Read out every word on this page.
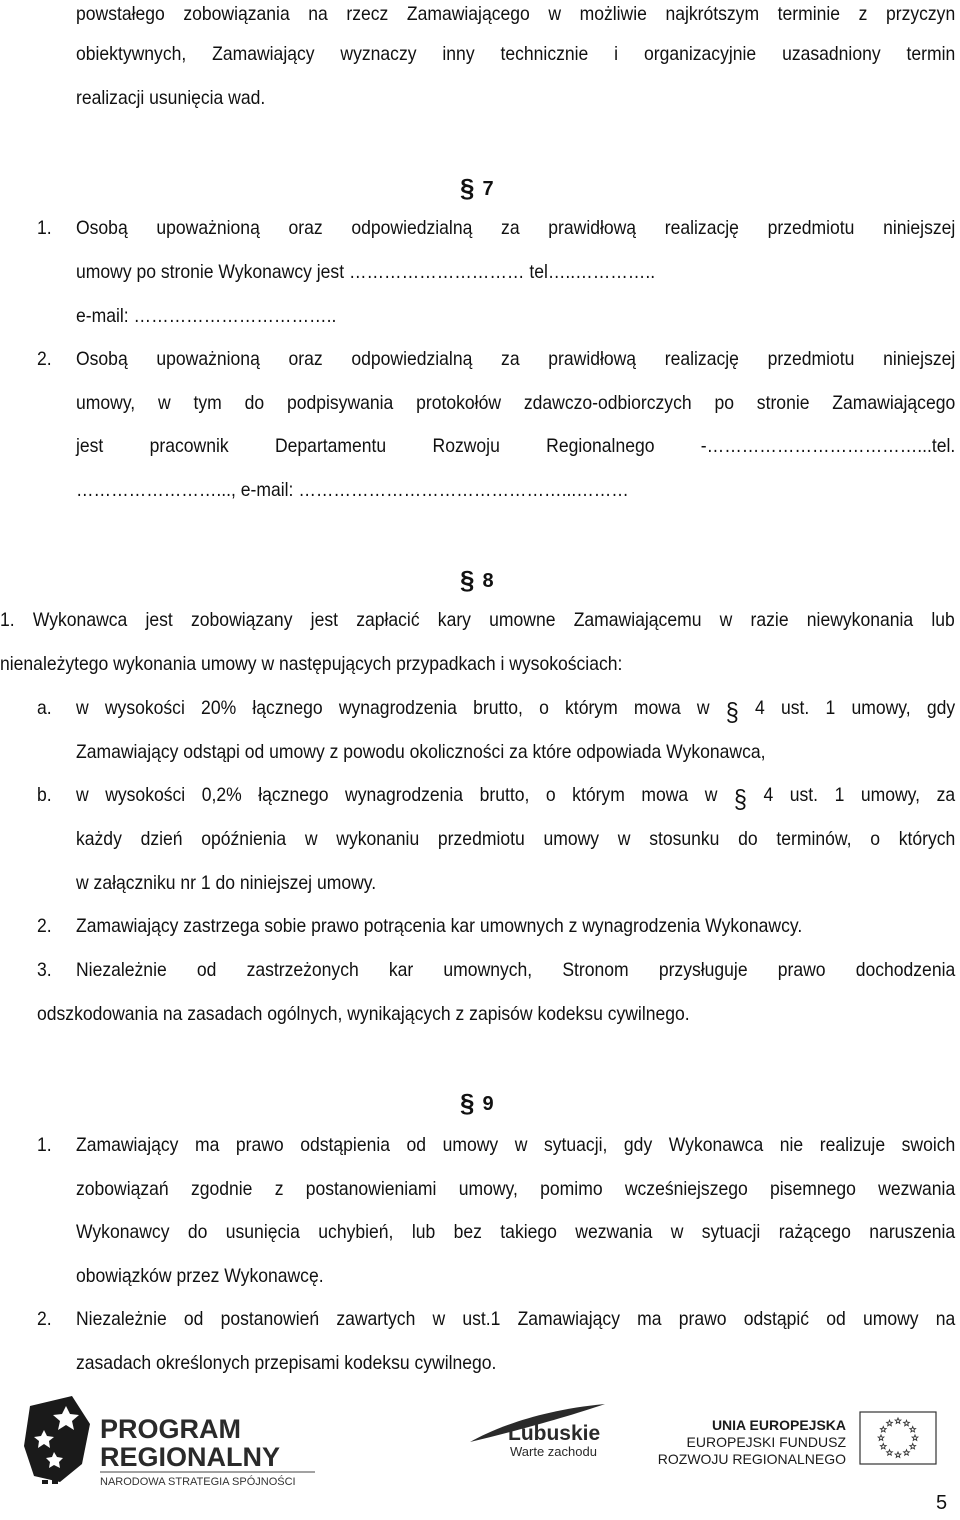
powstałego zobowiązania na rzecz Zamawiającego w możliwie najkrótszym terminie z przyczyn
obiektywnych, Zamawiający wyznaczy inny technicznie i organizacyjnie uzasadniony termin
realizacji usunięcia wad.
§ 7
1. Osobą upoważnioną oraz odpowiedzialną za prawidłową realizację przedmiotu niniejszej
umowy po stronie Wykonawcy jest ………………………… tel…..…………..
e-mail: ……………………………..
2. Osobą upoważnioną oraz odpowiedzialną za prawidłową realizację przedmiotu niniejszej
umowy, w tym do podpisywania protokołów zdawczo-odbiorczych po stronie Zamawiającego
jest pracownik Departamentu Rozwoju Regionalnego -………………………………...tel.
……………………..., e-mail: ………………………………………...………
§ 8
1. Wykonawca jest zobowiązany jest zapłacić kary umowne Zamawiającemu w razie niewykonania lub
nienależytego wykonania umowy w następujących przypadkach i wysokościach:
a. w wysokości 20% łącznego wynagrodzenia brutto, o którym mowa w § 4 ust. 1 umowy, gdy
Zamawiający odstąpi od umowy z powodu okoliczności za które odpowiada Wykonawca,
b. w wysokości 0,2% łącznego wynagrodzenia brutto, o którym mowa w § 4 ust. 1 umowy, za
każdy dzień opóźnienia w wykonaniu przedmiotu umowy w stosunku do terminów, o których
w załączniku nr 1 do niniejszej umowy.
2. Zamawiający zastrzega sobie prawo potrącenia kar umownych z wynagrodzenia Wykonawcy.
3. Niezależnie od zastrzeżonych kar umownych, Stronom przysługuje prawo dochodzenia
odszkodowania na zasadach ogólnych, wynikających z zapisów kodeksu cywilnego.
§ 9
1. Zamawiający ma prawo odstąpienia od umowy w sytuacji, gdy Wykonawca nie realizuje swoich
zobowiązań zgodnie z postanowieniami umowy, pomimo wcześniejszego pisemnego wezwania
Wykonawcy do usunięcia uchybień, lub bez takiego wezwania w sytuacji rażącego naruszenia
obowiązków przez Wykonawcę.
2. Niezależnie od postanowień zawartych w ust.1 Zamawiający ma prawo odstąpić od umowy na
zasadach określonych przepisami kodeksu cywilnego.
PROGRAM
REGIONALNY
NARODOWA STRATEGIA SPÓJNOŚCI
Lubuskie
Warte zachodu
UNIA EUROPEJSKA
EUROPEJSKI FUNDUSZ
ROZWOJU REGIONALNEGO
5
